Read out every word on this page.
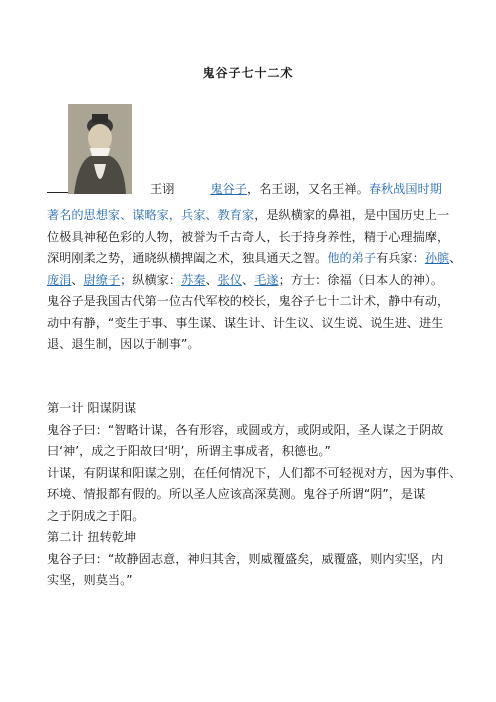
鬼谷子七十二术
王诩	鬼谷子，名王诩，又名王禅。春秋战国时期
著名的思想家、谋略家，兵家、教育家，是纵横家的鼻祖，是中国历史上一
位极具神秘色彩的人物，被誉为千古奇人，长于持身养性，精于心理揣摩，
深明刚柔之势，通晓纵横捭阖之术，独具通天之智。他的弟子有兵家：孙膑、
庞涓、尉缭子；纵横家：苏秦、张仪、毛遂；方士：徐福（日本人的神）。
鬼谷子是我国古代第一位古代军校的校长，鬼谷子七十二计术，静中有动，
动中有静，“变生于事、事生谋、谋生计、计生议、议生说、说生进、进生
退、退生制，因以于制事”。
第一计 阳谋阴谋
鬼谷子曰：“智略计谋，各有形容，或圆或方，或阴或阳，圣人谋之于阴故
曰‘神’，成之于阳故曰‘明’，所谓主事成者，积德也。”
计谋，有阴谋和阳谋之别，在任何情况下，人们都不可轻视对方，因为事件、
环境、情报都有假的。所以圣人应该高深莫测。鬼谷子所谓“阴”，是谋
之于阴成之于阳。
第二计 扭转乾坤
鬼谷子曰：“故静固志意，神归其舍，则威覆盛矣，威覆盛，则内实坚，内
实坚，则莫当。”
